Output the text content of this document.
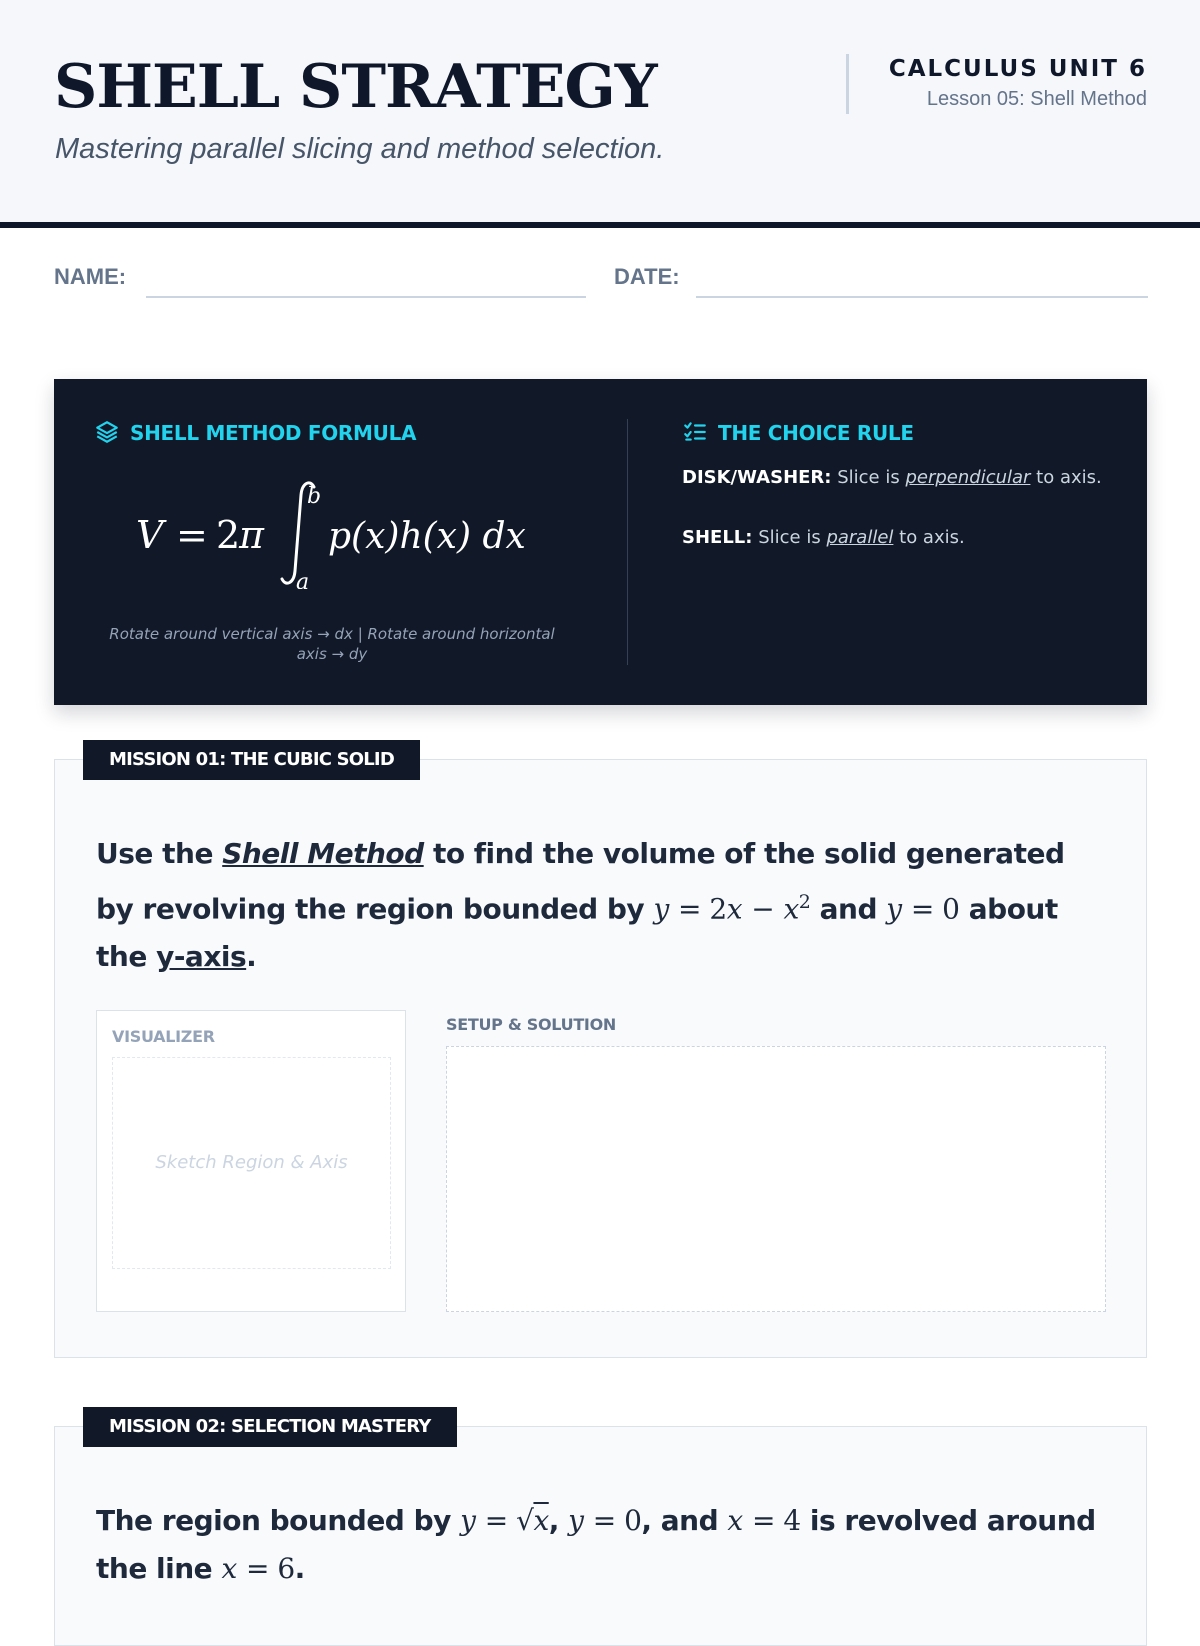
SHELL STRATEGY
Mastering parallel slicing and method selection.
CALCULUS UNIT 6
Lesson 05: Shell Method
NAME:	DATE:
SHELL METHOD FORMULA
V = 2
π
b
a
p(x)h(x) dx
Rotate around vertical axis → dx | Rotate around horizontal axis → dy
THE CHOICE RULE
DISK/WASHER: Slice is perpendicular to axis.
SHELL: Slice is parallel to axis.
MISSION 01: THE CUBIC SOLID
Use the Shell Method to find the volume of the solid generated by revolving the region bounded by $y = 2x - x^2$ and y = 0 about the y-axis.
VISUALIZER
Sketch Region & Axis
SETUP & SOLUTION
MISSION 02: SELECTION MASTERY
The region bounded by y = √x, y = 0, and x = 4 is revolved around the line x = 6.
